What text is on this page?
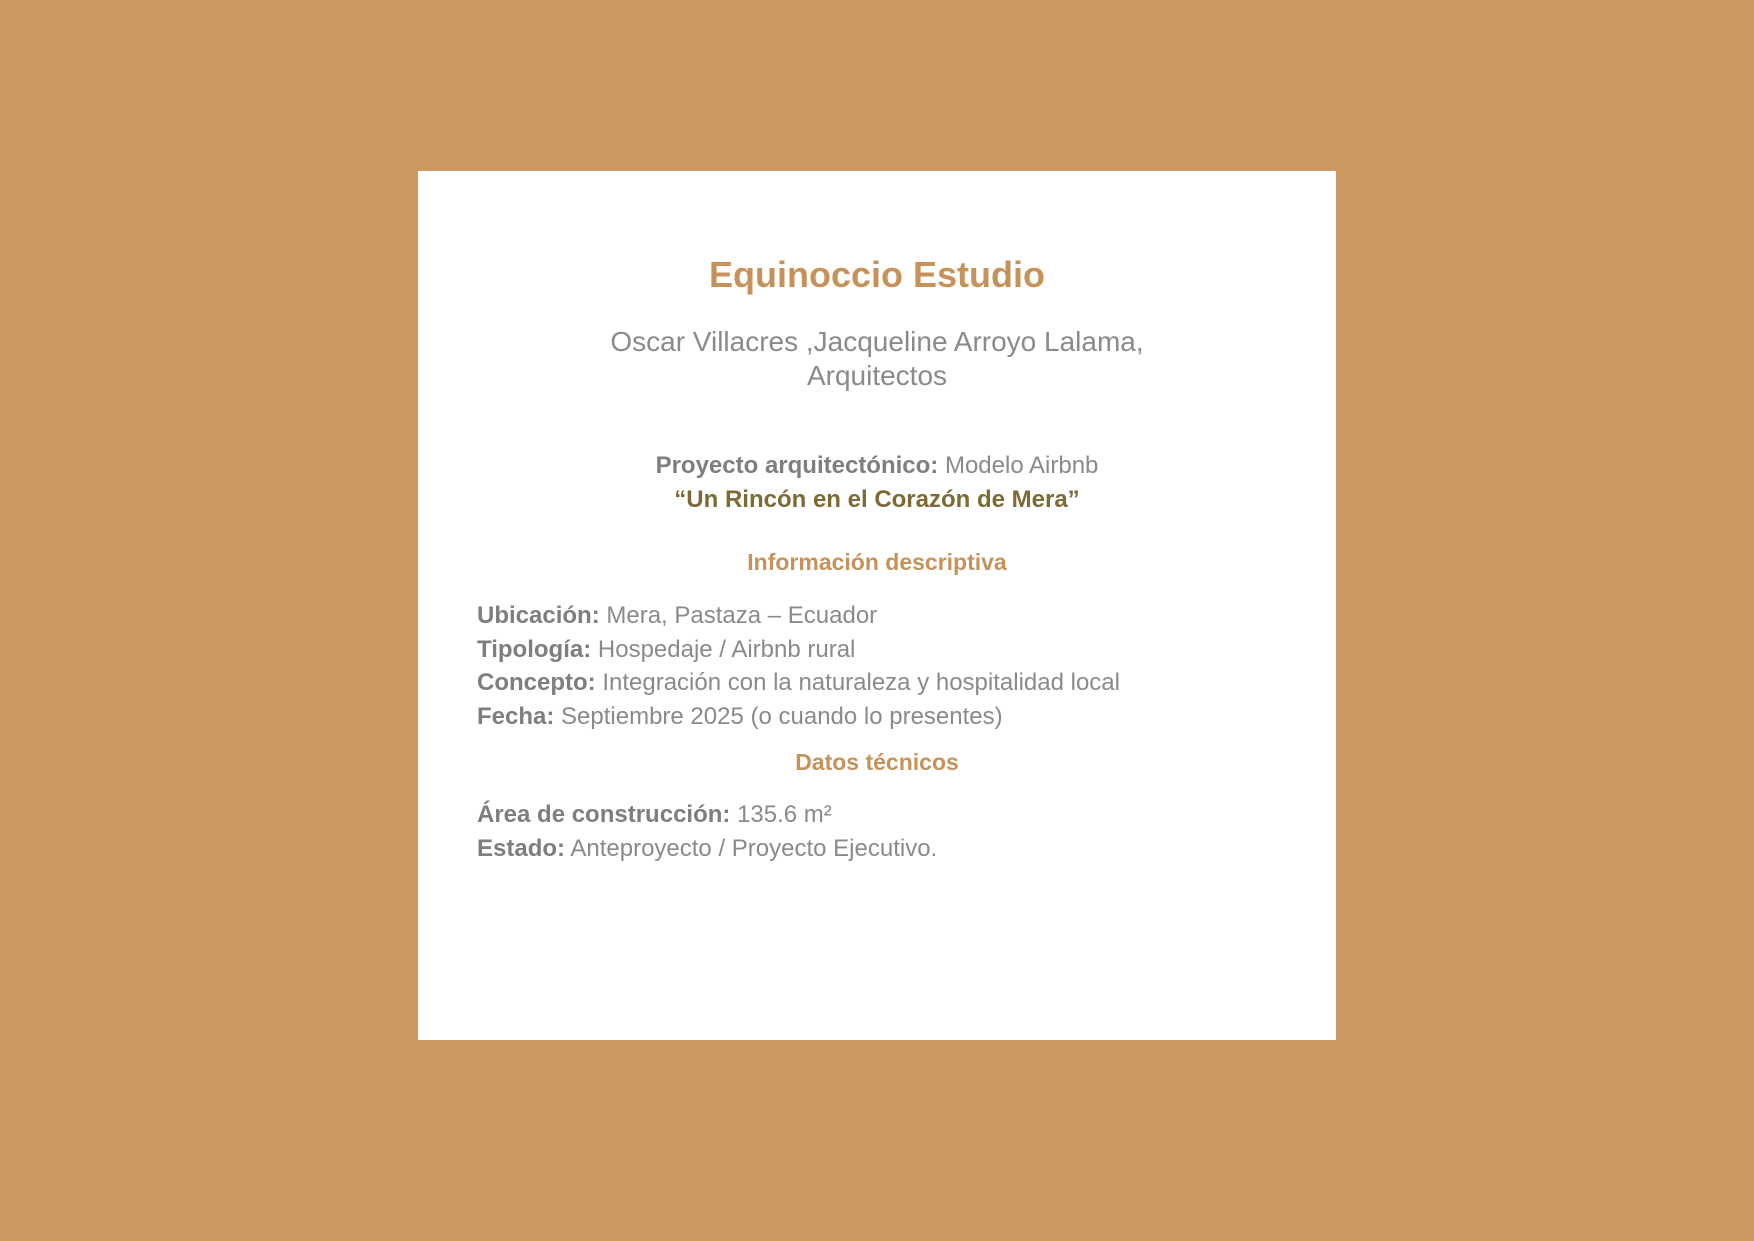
Equinoccio Estudio
Oscar Villacres ,Jacqueline Arroyo Lalama,
Arquitectos
Proyecto arquitectónico: Modelo Airbnb
“Un Rincón en el Corazón de Mera”
Información descriptiva
Ubicación: Mera, Pastaza – Ecuador
Tipología: Hospedaje / Airbnb rural
Concepto: Integración con la naturaleza y hospitalidad local
Fecha: Septiembre 2025 (o cuando lo presentes)
Datos técnicos
Área de construcción: 135.6 m²
Estado: Anteproyecto / Proyecto Ejecutivo.
